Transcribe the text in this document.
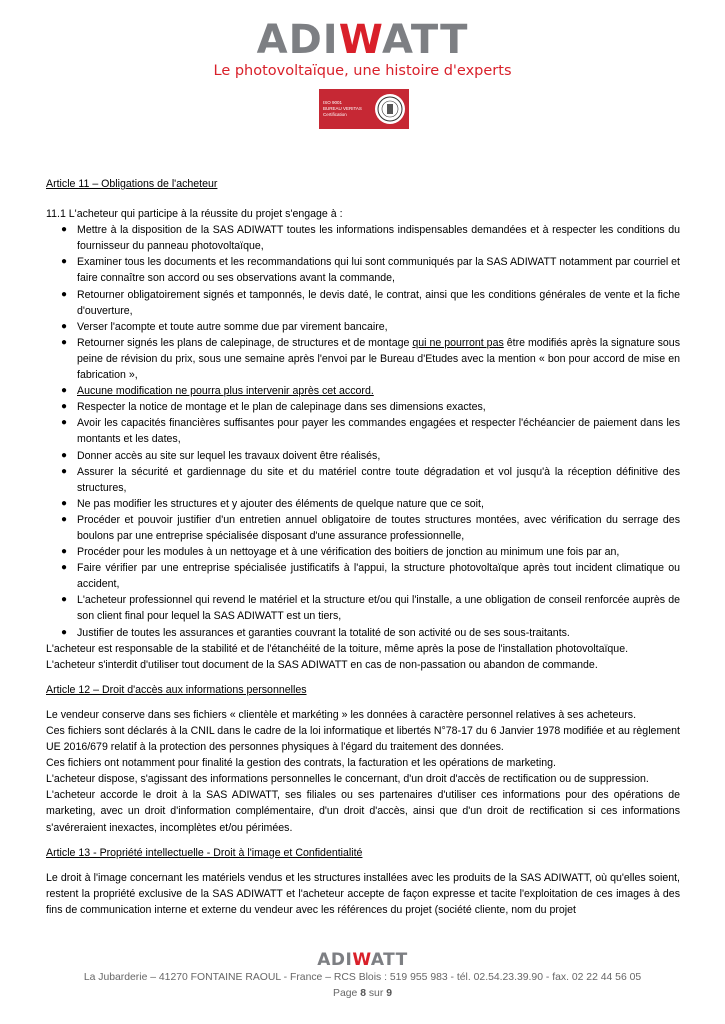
ADIWATT
Le photovoltaïque, une histoire d'experts
ISO 9001
BUREAU VERITAS
Certification

Article 11 – Obligations de l'acheteur

11.1 L'acheteur qui participe à la réussite du projet s'engage à :

● Mettre à la disposition de la SAS ADIWATT toutes les informations indispensables demandées et à respecter les conditions du fournisseur du panneau photovoltaïque,
● Examiner tous les documents et les recommandations qui lui sont communiqués par la SAS ADIWATT notamment par courriel et faire connaître son accord ou ses observations avant la commande,
● Retourner obligatoirement signés et tamponnés, le devis daté, le contrat, ainsi que les conditions générales de vente et la fiche d'ouverture,
● Verser l'acompte et toute autre somme due par virement bancaire,
● Retourner signés les plans de calepinage, de structures et de montage qui ne pourront pas être modifiés après la signature sous peine de révision du prix, sous une semaine après l'envoi par le Bureau d'Etudes avec la mention « bon pour accord de mise en fabrication »,
● Aucune modification ne pourra plus intervenir après cet accord.
● Respecter la notice de montage et le plan de calepinage dans ses dimensions exactes,
● Avoir les capacités financières suffisantes pour payer les commandes engagées et respecter l'échéancier de paiement dans les montants et les dates,
● Donner accès au site sur lequel les travaux doivent être réalisés,
● Assurer la sécurité et gardiennage du site et du matériel contre toute dégradation et vol jusqu'à la réception définitive des structures,
● Ne pas modifier les structures et y ajouter des éléments de quelque nature que ce soit,
● Procéder et pouvoir justifier d'un entretien annuel obligatoire de toutes structures montées, avec vérification du serrage des boulons par une entreprise spécialisée disposant d'une assurance professionnelle,
● Procéder pour les modules à un nettoyage et à une vérification des boitiers de jonction au minimum une fois par an,
● Faire vérifier par une entreprise spécialisée justificatifs à l'appui, la structure photovoltaïque après tout incident climatique ou accident,
● L'acheteur professionnel qui revend le matériel et la structure et/ou qui l'installe, a une obligation de conseil renforcée auprès de son client final pour lequel la SAS ADIWATT est un tiers,
● Justifier de toutes les assurances et garanties couvrant la totalité de son activité ou de ses sous-traitants.

L'acheteur est responsable de la stabilité et de l'étanchéité de la toiture, même après la pose de l'installation photovoltaïque.

L'acheteur s'interdit d'utiliser tout document de la SAS ADIWATT en cas de non-passation ou abandon de commande.

Article 12 – Droit d'accès aux informations personnelles

Le vendeur conserve dans ses fichiers « clientèle et markéting » les données à caractère personnel relatives à ses acheteurs.

Ces fichiers sont déclarés à la CNIL dans le cadre de la loi informatique et libertés N°78-17 du 6 Janvier 1978 modifiée et au règlement UE 2016/679 relatif à la protection des personnes physiques à l'égard du traitement des données.

Ces fichiers ont notamment pour finalité la gestion des contrats, la facturation et les opérations de marketing.

L'acheteur dispose, s'agissant des informations personnelles le concernant, d'un droit d'accès de rectification ou de suppression.

L'acheteur accorde le droit à la SAS ADIWATT, ses filiales ou ses partenaires d'utiliser ces informations pour des opérations de marketing, avec un droit d'information complémentaire, d'un droit d'accès, ainsi que d'un droit de rectification si ces informations s'avéreraient inexactes, incomplètes et/ou périmées.

Article 13 - Propriété intellectuelle - Droit à l'image et Confidentialité

Le droit à l'image concernant les matériels vendus et les structures installées avec les produits de la SAS ADIWATT, où qu'elles soient, restent la propriété exclusive de la SAS ADIWATT et l'acheteur accepte de façon expresse et tacite l'exploitation de ces images à des fins de communication interne et externe du vendeur avec les références du projet (société cliente, nom du projet

ADIWATT
La Jubarderie – 41270 FONTAINE RAOUL - France – RCS Blois : 519 955 983 - tél. 02.54.23.39.90 - fax. 02 22 44 56 05
Page 8 sur 9
